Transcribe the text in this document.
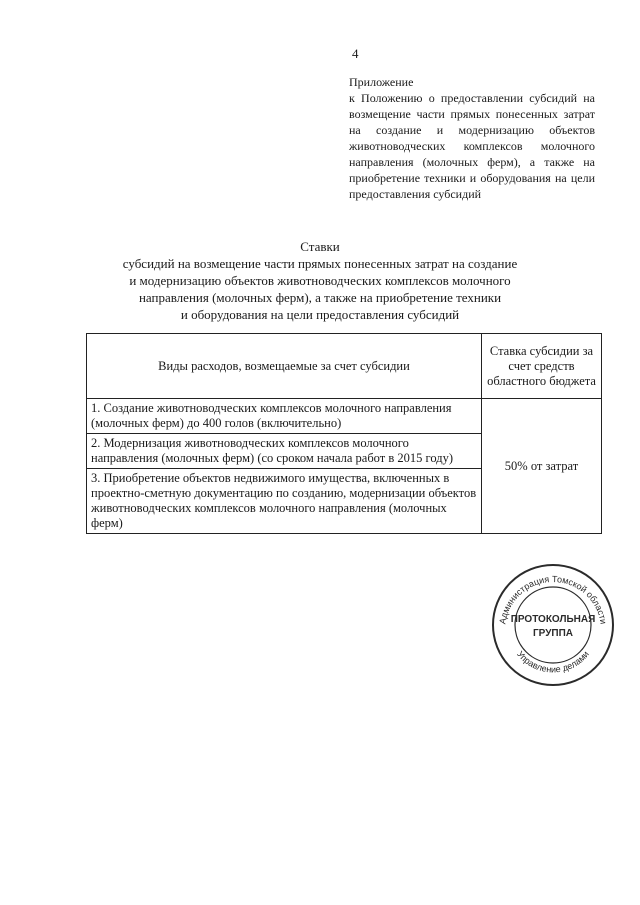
4
Приложение
к Положению о предоставлении субсидий на возмещение части прямых понесенных затрат на создание и модернизацию объектов животноводческих комплексов молочного направления (молочных ферм), а также на приобретение техники и оборудования на цели предоставления субсидий
Ставки
субсидий на возмещение части прямых понесенных затрат на создание
и модернизацию объектов животноводческих комплексов молочного
направления (молочных ферм), а также на приобретение техники
и оборудования на цели предоставления субсидий
Виды расходов, возмещаемые за счет субсидии	Ставка субсидии за счет средств областного бюджета
1. Создание животноводческих комплексов молочного направления (молочных ферм) до 400 голов (включительно)	50% от затрат
2. Модернизация животноводческих комплексов молочного направления (молочных ферм) (со сроком начала работ в 2015 году)	
3. Приобретение объектов недвижимого имущества, включенных в проектно-сметную документацию по созданию, модернизации объектов животноводческих комплексов молочного направления (молочных ферм)	
Администрация Томской области
ПРОТОКОЛЬНАЯ
ГРУППА
Управление делами
